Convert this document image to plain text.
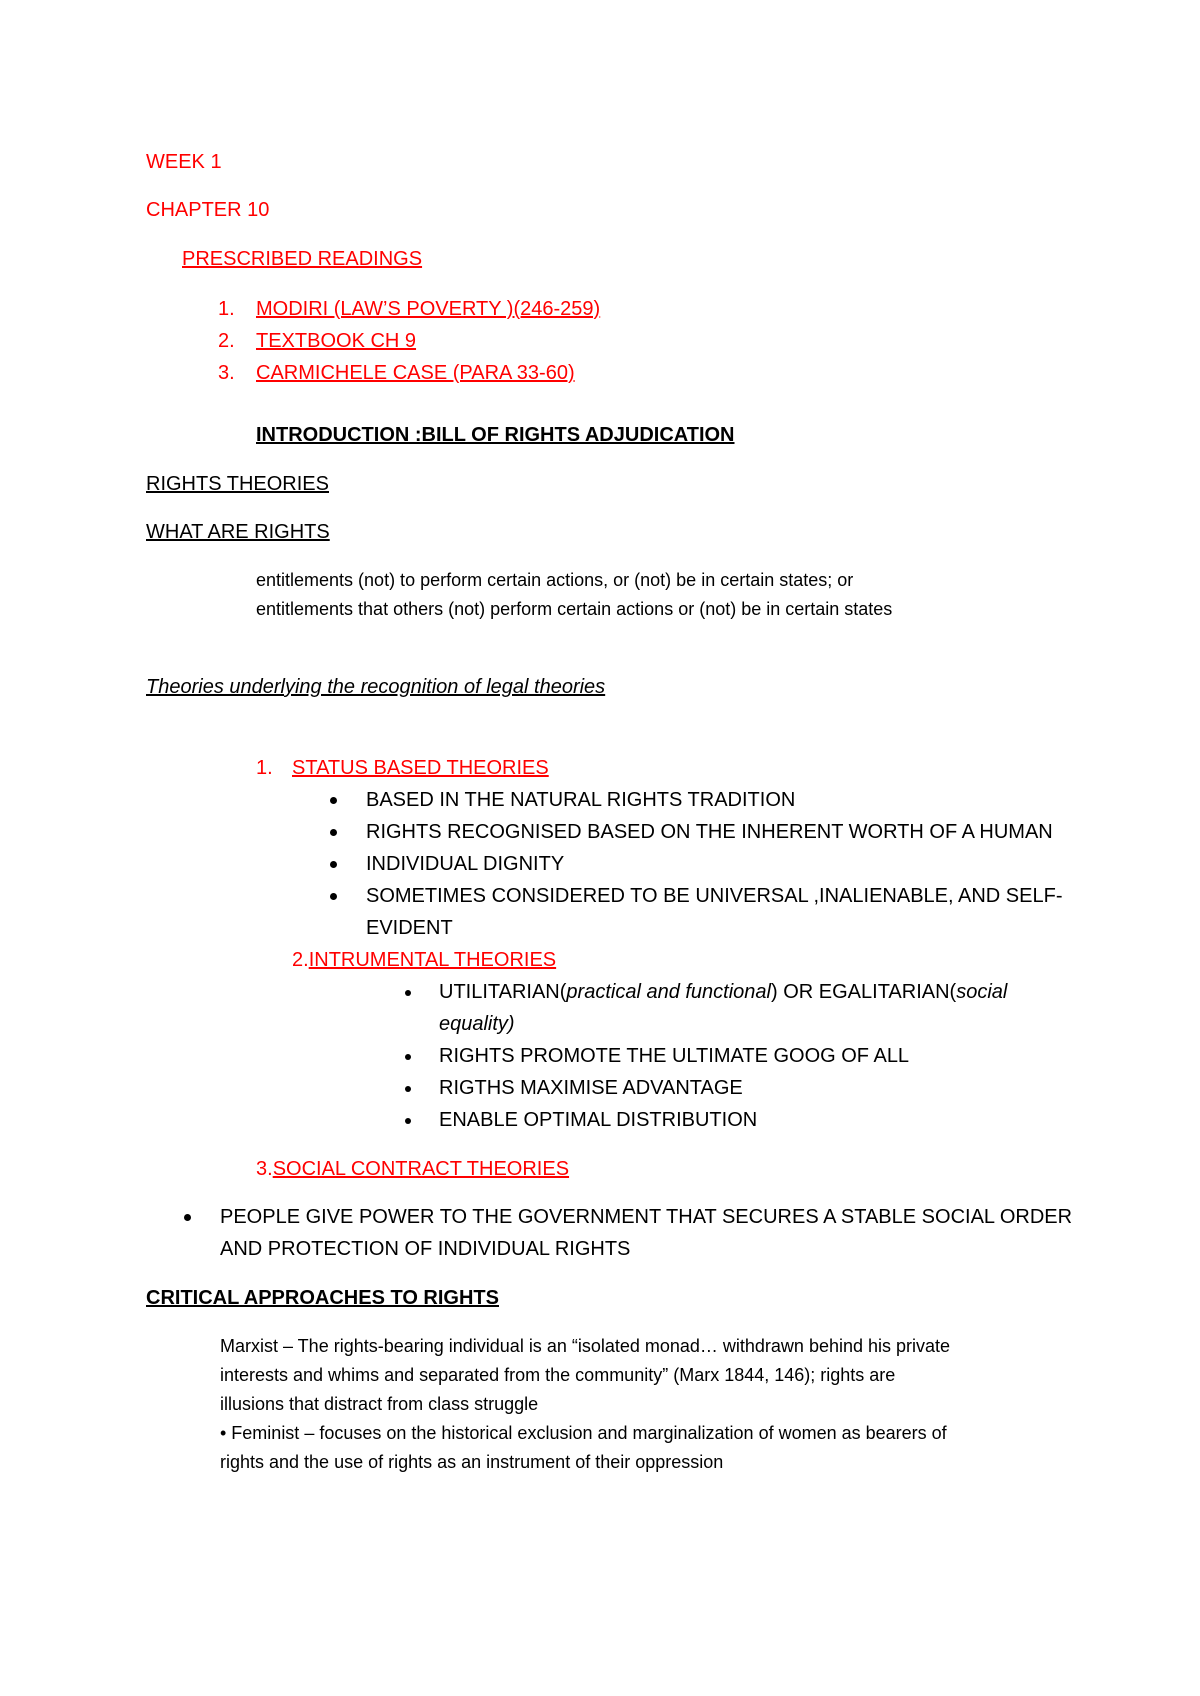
WEEK 1
CHAPTER 10
PRESCRIBED READINGS
1. MODIRI (LAW’S POVERTY )(246-259)
2. TEXTBOOK CH 9
3. CARMICHELE CASE (PARA 33-60)
INTRODUCTION :BILL OF RIGHTS ADJUDICATION
RIGHTS THEORIES
WHAT ARE RIGHTS
entitlements (not) to perform certain actions, or (not) be in certain states; or
entitlements that others (not) perform certain actions or (not) be in certain states
Theories underlying the recognition of legal theories
1. STATUS BASED THEORIES
BASED IN THE NATURAL RIGHTS TRADITION
RIGHTS RECOGNISED BASED ON THE INHERENT WORTH OF A HUMAN
INDIVIDUAL DIGNITY
SOMETIMES CONSIDERED TO BE UNIVERSAL ,INALIENABLE, AND SELF-
EVIDENT
2.INTRUMENTAL THEORIES
UTILITARIAN(practical and functional) OR EGALITARIAN(social
equality)
RIGHTS PROMOTE THE ULTIMATE GOOG OF ALL
RIGTHS MAXIMISE ADVANTAGE
ENABLE OPTIMAL DISTRIBUTION
3.SOCIAL CONTRACT THEORIES
PEOPLE GIVE POWER TO THE GOVERNMENT THAT SECURES A STABLE SOCIAL ORDER
AND PROTECTION OF INDIVIDUAL RIGHTS
CRITICAL APPROACHES TO RIGHTS
Marxist – The rights-bearing individual is an “isolated monad… withdrawn behind his private
interests and whims and separated from the community” (Marx 1844, 146); rights are
illusions that distract from class struggle
• Feminist – focuses on the historical exclusion and marginalization of women as bearers of
rights and the use of rights as an instrument of their oppression
